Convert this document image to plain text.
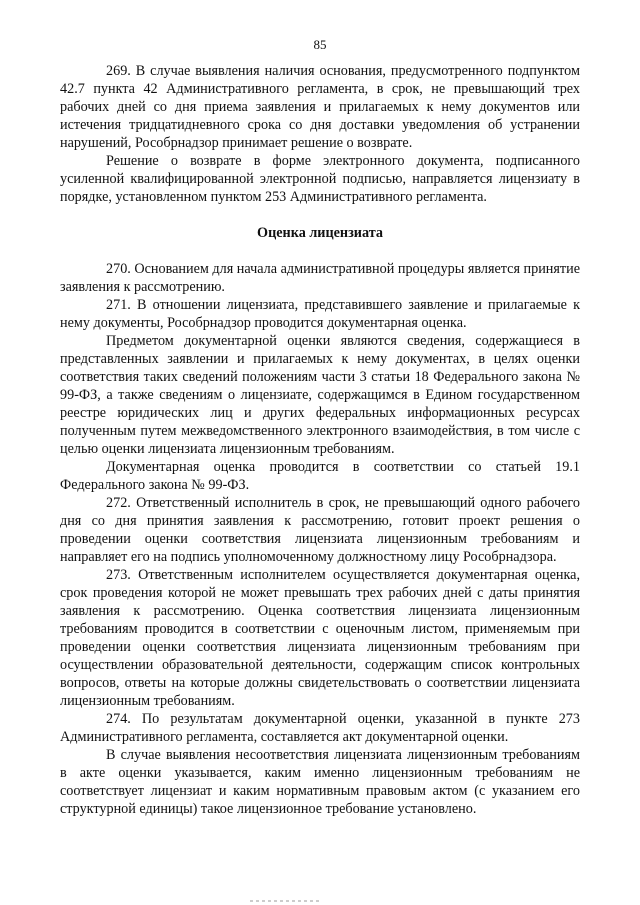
85

269. В случае выявления наличия основания, предусмотренного подпунктом 42.7 пункта 42 Административного регламента, в срок, не превышающий трех рабочих дней со дня приема заявления и прилагаемых к нему документов или истечения тридцатидневного срока со дня доставки уведомления об устранении нарушений, Рособрнадзор принимает решение о возврате.

Решение о возврате в форме электронного документа, подписанного усиленной квалифицированной электронной подписью, направляется лицензиату в порядке, установленном пунктом 253 Административного регламента.

Оценка лицензиата

270. Основанием для начала административной процедуры является принятие заявления к рассмотрению.

271. В отношении лицензиата, представившего заявление и прилагаемые к нему документы, Рособрнадзор проводится документарная оценка.

Предметом документарной оценки являются сведения, содержащиеся в представленных заявлении и прилагаемых к нему документах, в целях оценки соответствия таких сведений положениям части 3 статьи 18 Федерального закона № 99-ФЗ, а также сведениям о лицензиате, содержащимся в Едином государственном реестре юридических лиц и других федеральных информационных ресурсах полученным путем межведомственного электронного взаимодействия, в том числе с целью оценки лицензиата лицензионным требованиям.

Документарная оценка проводится в соответствии со статьей 19.1 Федерального закона № 99-ФЗ.

272. Ответственный исполнитель в срок, не превышающий одного рабочего дня со дня принятия заявления к рассмотрению, готовит проект решения о проведении оценки соответствия лицензиата лицензионным требованиям и направляет его на подпись уполномоченному должностному лицу Рособрнадзора.

273. Ответственным исполнителем осуществляется документарная оценка, срок проведения которой не может превышать трех рабочих дней с даты принятия заявления к рассмотрению. Оценка соответствия лицензиата лицензионным требованиям проводится в соответствии с оценочным листом, применяемым при проведении оценки соответствия лицензиата лицензионным требованиям при осуществлении образовательной деятельности, содержащим список контрольных вопросов, ответы на которые должны свидетельствовать о соответствии лицензиата лицензионным требованиям.

274. По результатам документарной оценки, указанной в пункте 273 Административного регламента, составляется акт документарной оценки.

В случае выявления несоответствия лицензиата лицензионным требованиям в акте оценки указывается, каким именно лицензионным требованиям не соответствует лицензиат и каким нормативным правовым актом (с указанием его структурной единицы) такое лицензионное требование установлено.
